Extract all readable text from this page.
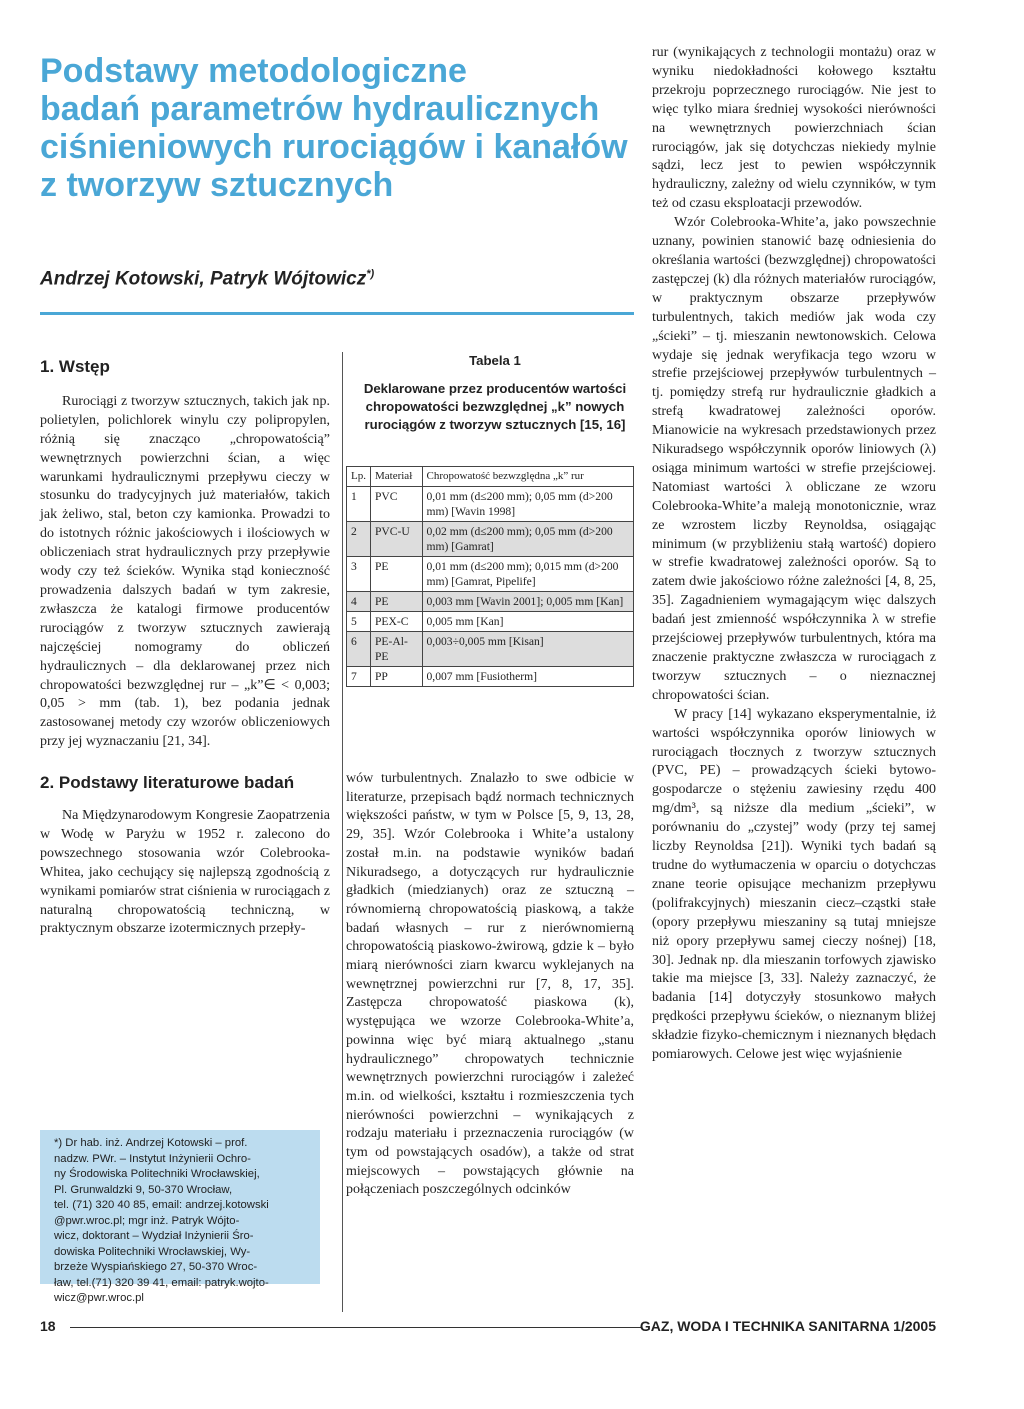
Podstawy metodologiczne
badań parametrów hydraulicznych
ciśnieniowych rurociągów i kanałów
z tworzyw sztucznych
Andrzej Kotowski, Patryk Wójtowicz*)
1. Wstęp

Rurociągi z tworzyw sztucznych, takich jak np. polietylen, polichlorek winylu czy polipropylen, różnią się znacząco „chropowatością” wewnętrznych powierzchni ścian, a więc warunkami hydraulicznymi przepływu cieczy w stosunku do tradycyjnych już materiałów, takich jak żeliwo, stal, beton czy kamionka. Prowadzi to do istotnych różnic jakościowych i ilościowych w obliczeniach strat hydraulicznych przy przepływie wody czy też ścieków. Wynika stąd konieczność prowadzenia dalszych badań w tym zakresie, zwłaszcza że katalogi firmowe producentów rurociągów z tworzyw sztucznych zawierają najczęściej nomogramy do obliczeń hydraulicznych – dla deklarowanej przez nich chropowatości bezwzględnej rur – „k”∈ < 0,003; 0,05 > mm (tab. 1), bez podania jednak zastosowanej metody czy wzorów obliczeniowych przy jej wyznaczaniu [21, 34].

2. Podstawy literaturowe badań

Na Międzynarodowym Kongresie Zaopatrzenia w Wodę w Paryżu w 1952 r. zalecono do powszechnego stosowania wzór Colebrooka-Whitea, jako cechujący się najlepszą zgodnością z wynikami pomiarów strat ciśnienia w rurociągach z naturalną chropowatością techniczną, w praktycznym obszarze izotermicznych przepły-

*) Dr hab. inż. Andrzej Kotowski – prof.
nadzw. PWr. – Instytut Inżynierii Ochro-
ny Środowiska Politechniki Wrocławskiej,
Pl. Grunwaldzki 9, 50-370 Wrocław,
tel. (71) 320 40 85, email: andrzej.kotowski
@pwr.wroc.pl; mgr inż. Patryk Wójto-
wicz, doktorant – Wydział Inżynierii Śro-
dowiska Politechniki Wrocławskiej, Wy-
brzeże Wyspiańskiego 27, 50-370 Wroc-
ław, tel.(71) 320 39 41, email: patryk.wojto-
wicz@pwr.wroc.pl
Tabela 1
Deklarowane przez producentów wartości chropowatości bezwzględnej „k” nowych rurociągów z tworzyw sztucznych [15, 16]
Lp.	Materiał	Chropowatość bezwzględna „k” rur
1	PVC	0,01 mm (d≤200 mm); 0,05 mm (d>200 mm) [Wavin 1998]
2	PVC-U	0,02 mm (d≤200 mm); 0,05 mm (d>200 mm) [Gamrat]
3	PE	0,01 mm (d≤200 mm); 0,015 mm (d>200 mm) [Gamrat, Pipelife]
4	PE	0,003 mm [Wavin 2001]; 0,005 mm [Kan]
5	PEX-C	0,005 mm [Kan]
6	PE-Al-PE	0,003÷0,005 mm [Kisan]
7	PP	0,007 mm [Fusiotherm]

wów turbulentnych. Znalazło to swe odbicie w literaturze, przepisach bądź normach technicznych większości państw, w tym w Polsce [5, 9, 13, 28, 29, 35]. Wzór Colebrooka i White’a ustalony został m.in. na podstawie wyników badań Nikuradsego, a dotyczących rur hydraulicznie gładkich (miedzianych) oraz ze sztuczną – równomierną chropowatością piaskową, a także badań własnych – rur z nierównomierną chropowatością piaskowo-żwirową, gdzie k – było miarą nierówności ziarn kwarcu wyklejanych na wewnętrznej powierzchni rur [7, 8, 17, 35]. Zastępcza chropowatość piaskowa (k), występująca we wzorze Colebrooka-White’a, powinna więc być miarą aktualnego „stanu hydraulicznego” chropowatych technicznie wewnętrznych powierzchni rurociągów i zależeć m.in. od wielkości, kształtu i rozmieszczenia tych nierówności powierzchni – wynikających z rodzaju materiału i przeznaczenia rurociągów (w tym od powstających osadów), a także od strat miejscowych – powstających głównie na połączeniach poszczególnych odcinków

rur (wynikających z technologii montażu) oraz w wyniku niedokładności kołowego kształtu przekroju poprzecznego rurociągów. Nie jest to więc tylko miara średniej wysokości nierówności na wewnętrznych powierzchniach ścian rurociągów, jak się dotychczas niekiedy mylnie sądzi, lecz jest to pewien współczynnik hydrauliczny, zależny od wielu czynników, w tym też od czasu eksploatacji przewodów.

Wzór Colebrooka-White’a, jako powszechnie uznany, powinien stanowić bazę odniesienia do określania wartości (bezwzględnej) chropowatości zastępczej (k) dla różnych materiałów rurociągów, w praktycznym obszarze przepływów turbulentnych, takich mediów jak woda czy „ścieki” – tj. mieszanin newtonowskich. Celowa wydaje się jednak weryfikacja tego wzoru w strefie przejściowej przepływów turbulentnych – tj. pomiędzy strefą rur hydraulicznie gładkich a strefą kwadratowej zależności oporów. Mianowicie na wykresach przedstawionych przez Nikuradsego współczynnik oporów liniowych (λ) osiąga minimum wartości w strefie przejściowej. Natomiast wartości λ obliczane ze wzoru Colebrooka-White’a maleją monotonicznie, wraz ze wzrostem liczby Reynoldsa, osiągając minimum (w przybliżeniu stałą wartość) dopiero w strefie kwadratowej zależności oporów. Są to zatem dwie jakościowo różne zależności [4, 8, 25, 35]. Zagadnieniem wymagającym więc dalszych badań jest zmienność współczynnika λ w strefie przejściowej przepływów turbulentnych, która ma znaczenie praktyczne zwłaszcza w rurociągach z tworzyw sztucznych – o nieznacznej chropowatości ścian.

W pracy [14] wykazano eksperymentalnie, iż wartości współczynnika oporów liniowych w rurociągach tłocznych z tworzyw sztucznych (PVC, PE) – prowadzących ścieki bytowo-gospodarcze o stężeniu zawiesiny rzędu 400 mg/dm³, są niższe dla medium „ścieki”, w porównaniu do „czystej” wody (przy tej samej liczby Reynoldsa [21]). Wyniki tych badań są trudne do wytłumaczenia w oparciu o dotychczas znane teorie opisujące mechanizm przepływu (polifrakcyjnych) mieszanin ciecz–cząstki stałe (opory przepływu mieszaniny są tutaj mniejsze niż opory przepływu samej cieczy nośnej) [18, 30]. Jednak np. dla mieszanin torfowych zjawisko takie ma miejsce [3, 33]. Należy zaznaczyć, że badania [14] dotyczyły stosunkowo małych prędkości przepływu ścieków, o nieznanym bliżej składzie fizyko-chemicznym i nieznanych błędach pomiarowych. Celowe jest więc wyjaśnienie

18	GAZ, WODA I TECHNIKA SANITARNA 1/2005
